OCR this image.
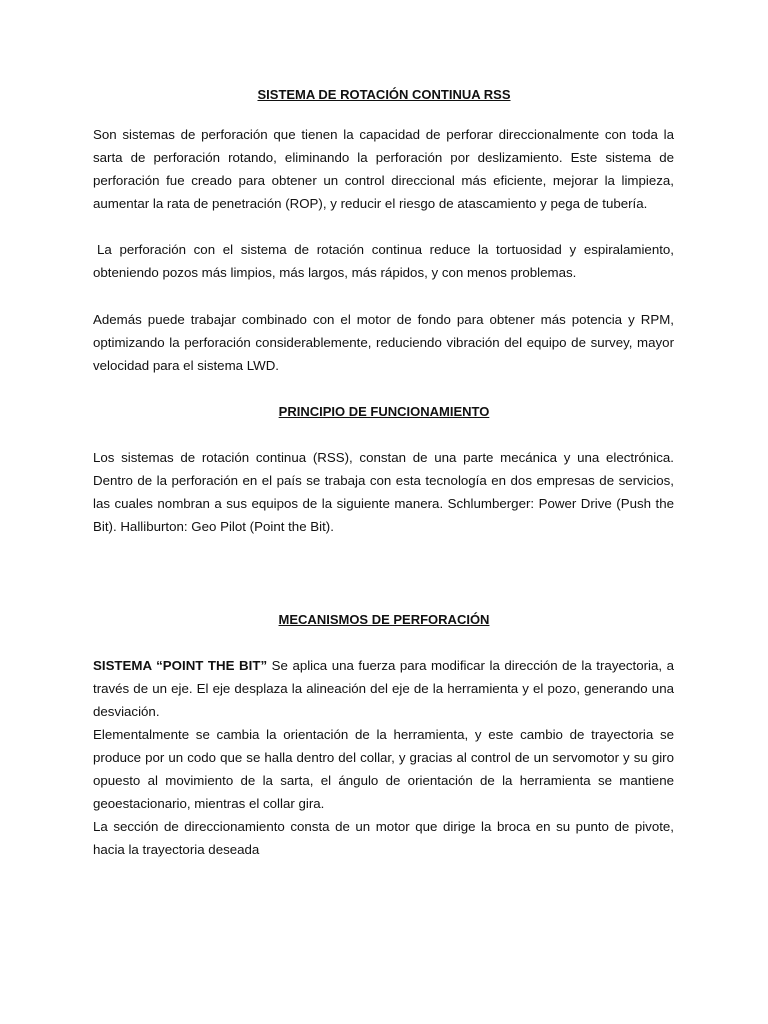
SISTEMA DE ROTACIÓN CONTINUA RSS

Son sistemas de perforación que tienen la capacidad de perforar direccionalmente con toda la sarta de perforación rotando, eliminando la perforación por deslizamiento. Este sistema de perforación fue creado para obtener un control direccional más eficiente, mejorar la limpieza, aumentar la rata de penetración (ROP), y reducir el riesgo de atascamiento y pega de tubería.

La perforación con el sistema de rotación continua reduce la tortuosidad y espiralamiento, obteniendo pozos más limpios, más largos, más rápidos, y con menos problemas.

Además puede trabajar combinado con el motor de fondo para obtener más potencia y RPM, optimizando la perforación considerablemente, reduciendo vibración del equipo de survey, mayor velocidad para el sistema LWD.

PRINCIPIO DE FUNCIONAMIENTO

Los sistemas de rotación continua (RSS), constan de una parte mecánica y una electrónica. Dentro de la perforación en el país se trabaja con esta tecnología en dos empresas de servicios, las cuales nombran a sus equipos de la siguiente manera. Schlumberger: Power Drive (Push the Bit). Halliburton: Geo Pilot (Point the Bit).

MECANISMOS DE PERFORACIÓN

SISTEMA “POINT THE BIT” Se aplica una fuerza para modificar la dirección de la trayectoria, a través de un eje. El eje desplaza la alineación del eje de la herramienta y el pozo, generando una desviación.

Elementalmente se cambia la orientación de la herramienta, y este cambio de trayectoria se produce por un codo que se halla dentro del collar, y gracias al control de un servomotor y su giro opuesto al movimiento de la sarta, el ángulo de orientación de la herramienta se mantiene geoestacionario, mientras el collar gira.

La sección de direccionamiento consta de un motor que dirige la broca en su punto de pivote, hacia la trayectoria deseada
